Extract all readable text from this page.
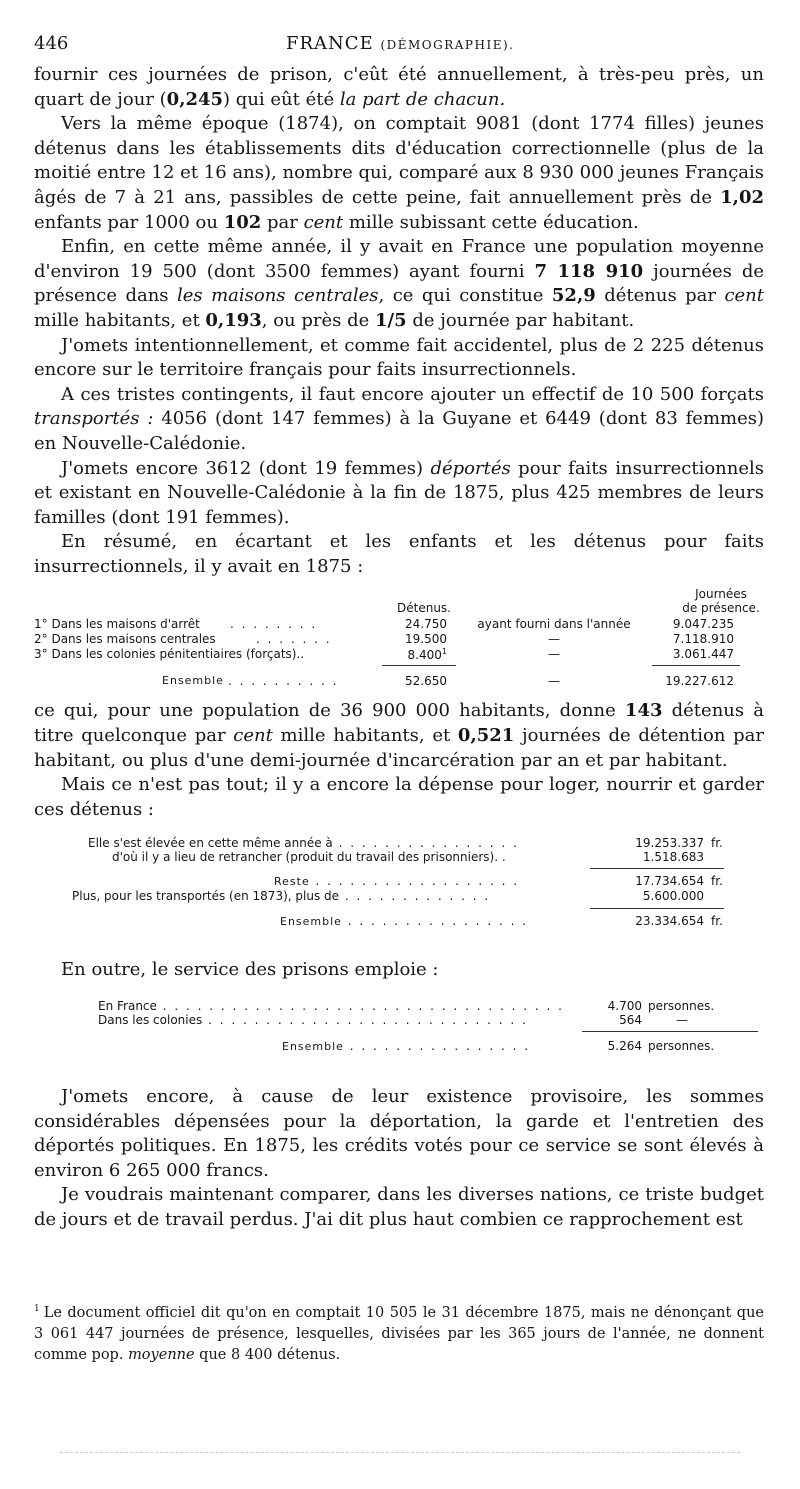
446	FRANCE (DÉMOGRAPHIE).

fournir ces journées de prison, c'eût été annuellement, à très-peu près, un quart de jour (0,245) qui eût été la part de chacun.

Vers la même époque (1874), on comptait 9081 (dont 1774 filles) jeunes détenus dans les établissements dits d'éducation correctionnelle (plus de la moitié entre 12 et 16 ans), nombre qui, comparé aux 8 930 000 jeunes Français âgés de 7 à 21 ans, passibles de cette peine, fait annuellement près de 1,02 enfants par 1000 ou 102 par cent mille subissant cette éducation.

Enfin, en cette même année, il y avait en France une population moyenne d'environ 19 500 (dont 3500 femmes) ayant fourni 7 118 910 journées de présence dans les maisons centrales, ce qui constitue 52,9 détenus par cent mille habitants, et 0,193, ou près de 1/5 de journée par habitant.

J'omets intentionnellement, et comme fait accidentel, plus de 2 225 détenus encore sur le territoire français pour faits insurrectionnels.

A ces tristes contingents, il faut encore ajouter un effectif de 10 500 forçats transportés : 4056 (dont 147 femmes) à la Guyane et 6449 (dont 83 femmes) en Nouvelle-Calédonie.

J'omets encore 3612 (dont 19 femmes) déportés pour faits insurrectionnels et existant en Nouvelle-Calédonie à la fin de 1875, plus 425 membres de leurs familles (dont 191 femmes).

En résumé, en écartant et les enfants et les détenus pour faits insurrectionnels, il y avait en 1875 :

Journées
Détenus.	de présence.
1° Dans les maisons d'arrêt	. . . . . . . .	24.750	ayant fourni dans l'année	9.047.235
2° Dans les maisons centrales	. . . . . . .	19.500	—	7.118.910
3° Dans les colonies pénitentiaires (forçats)..	8.400$^1$	—	3.061.447
Ensemble . . . . . . . . . .	52.650	—	19.227.612

ce qui, pour une population de 36 900 000 habitants, donne 143 détenus à titre quelconque par cent mille habitants, et 0,521 journées de détention par habitant, ou plus d'une demi-journée d'incarcération par an et par habitant.

Mais ce n'est pas tout; il y a encore la dépense pour loger, nourrir et garder ces détenus :

Elle s'est élevée en cette même année à . . . . . . . . . . . . . . . .	19.253.337 fr.
d'où il y a lieu de retrancher (produit du travail des prisonniers). .	1.518.683
Reste . . . . . . . . . . . . . . . . . .	17.734.654 fr.
Plus, pour les transportés (en 1873), plus de . . . . . . . . . . . . .	5.600.000
Ensemble . . . . . . . . . . . . . . . .	23.334.654 fr.

En outre, le service des prisons emploie :

En France . . . . . . . . . . . . . . . . . . . . . . . . . . . . . . . . . . .	4.700 personnes.
Dans les colonies . . . . . . . . . . . . . . . . . . . . . . . . . . . .	564	—
Ensemble . . . . . . . . . . . . . . . .	5.264 personnes.

J'omets encore, à cause de leur existence provisoire, les sommes considérables dépensées pour la déportation, la garde et l'entretien des déportés politiques. En 1875, les crédits votés pour ce service se sont élevés à environ 6 265 000 francs.

Je voudrais maintenant comparer, dans les diverses nations, ce triste budget de jours et de travail perdus. J'ai dit plus haut combien ce rapprochement est

$^1$ Le document officiel dit qu'on en comptait 10 505 le 31 décembre 1875, mais ne dénonçant que 3 061 447 journées de présence, lesquelles, divisées par les 365 jours de l'année, ne donnent comme pop. moyenne que 8 400 détenus.
